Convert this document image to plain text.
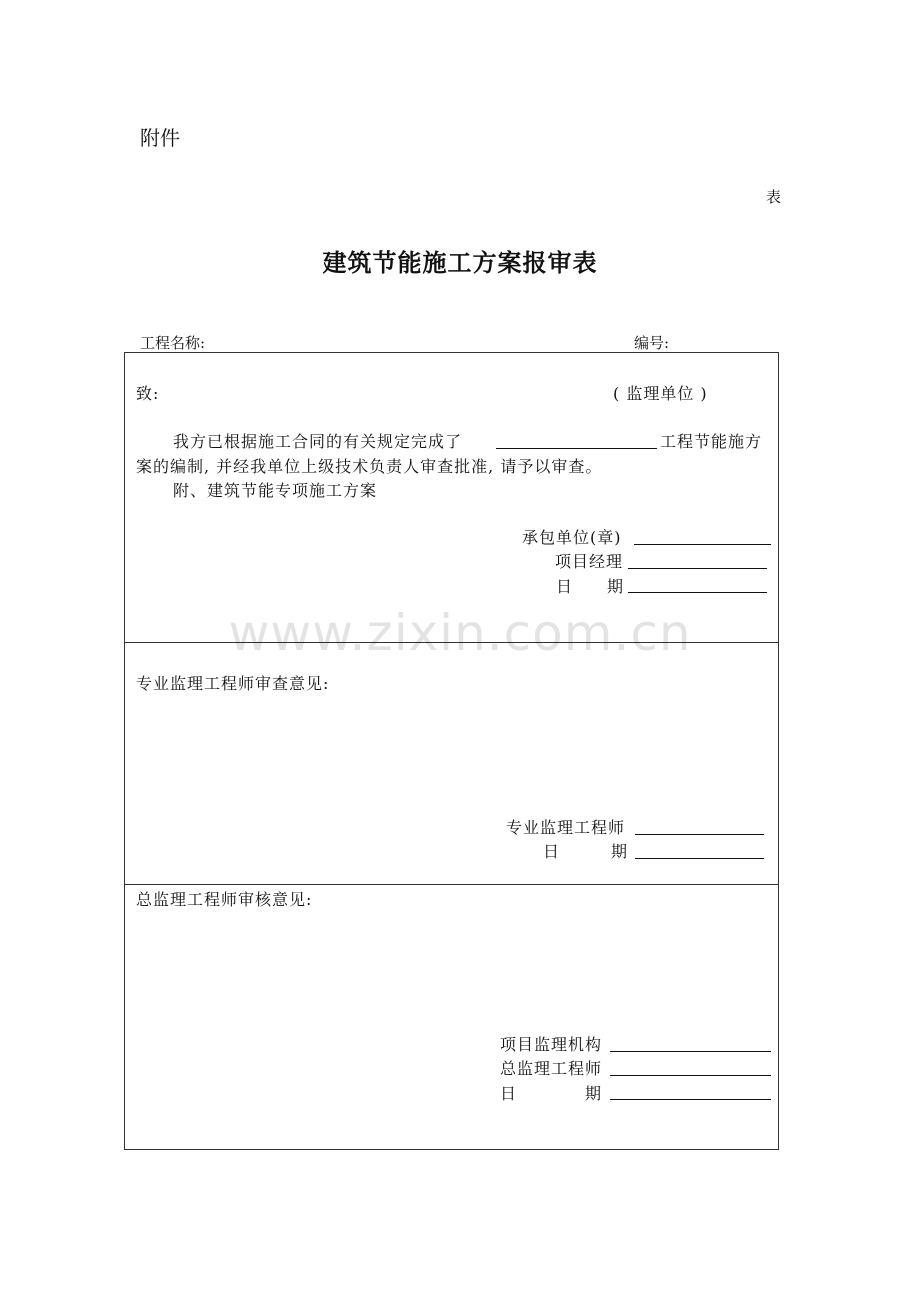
附件
表
建筑节能施工方案报审表
工程名称:	编号:
致:	( 监理单位 )
我方已根据施工合同的有关规定完成了	工程节能施方
案的编制, 并经我单位上级技术负责人审查批准, 请予以审查。
附、建筑节能专项施工方案
承包单位(章)
项目经理
日　　期
专业监理工程师审查意见:
专业监理工程师
日　　　期
总监理工程师审核意见:
项目监理机构
总监理工程师
日　　　　期
www.zixin.com.cn
